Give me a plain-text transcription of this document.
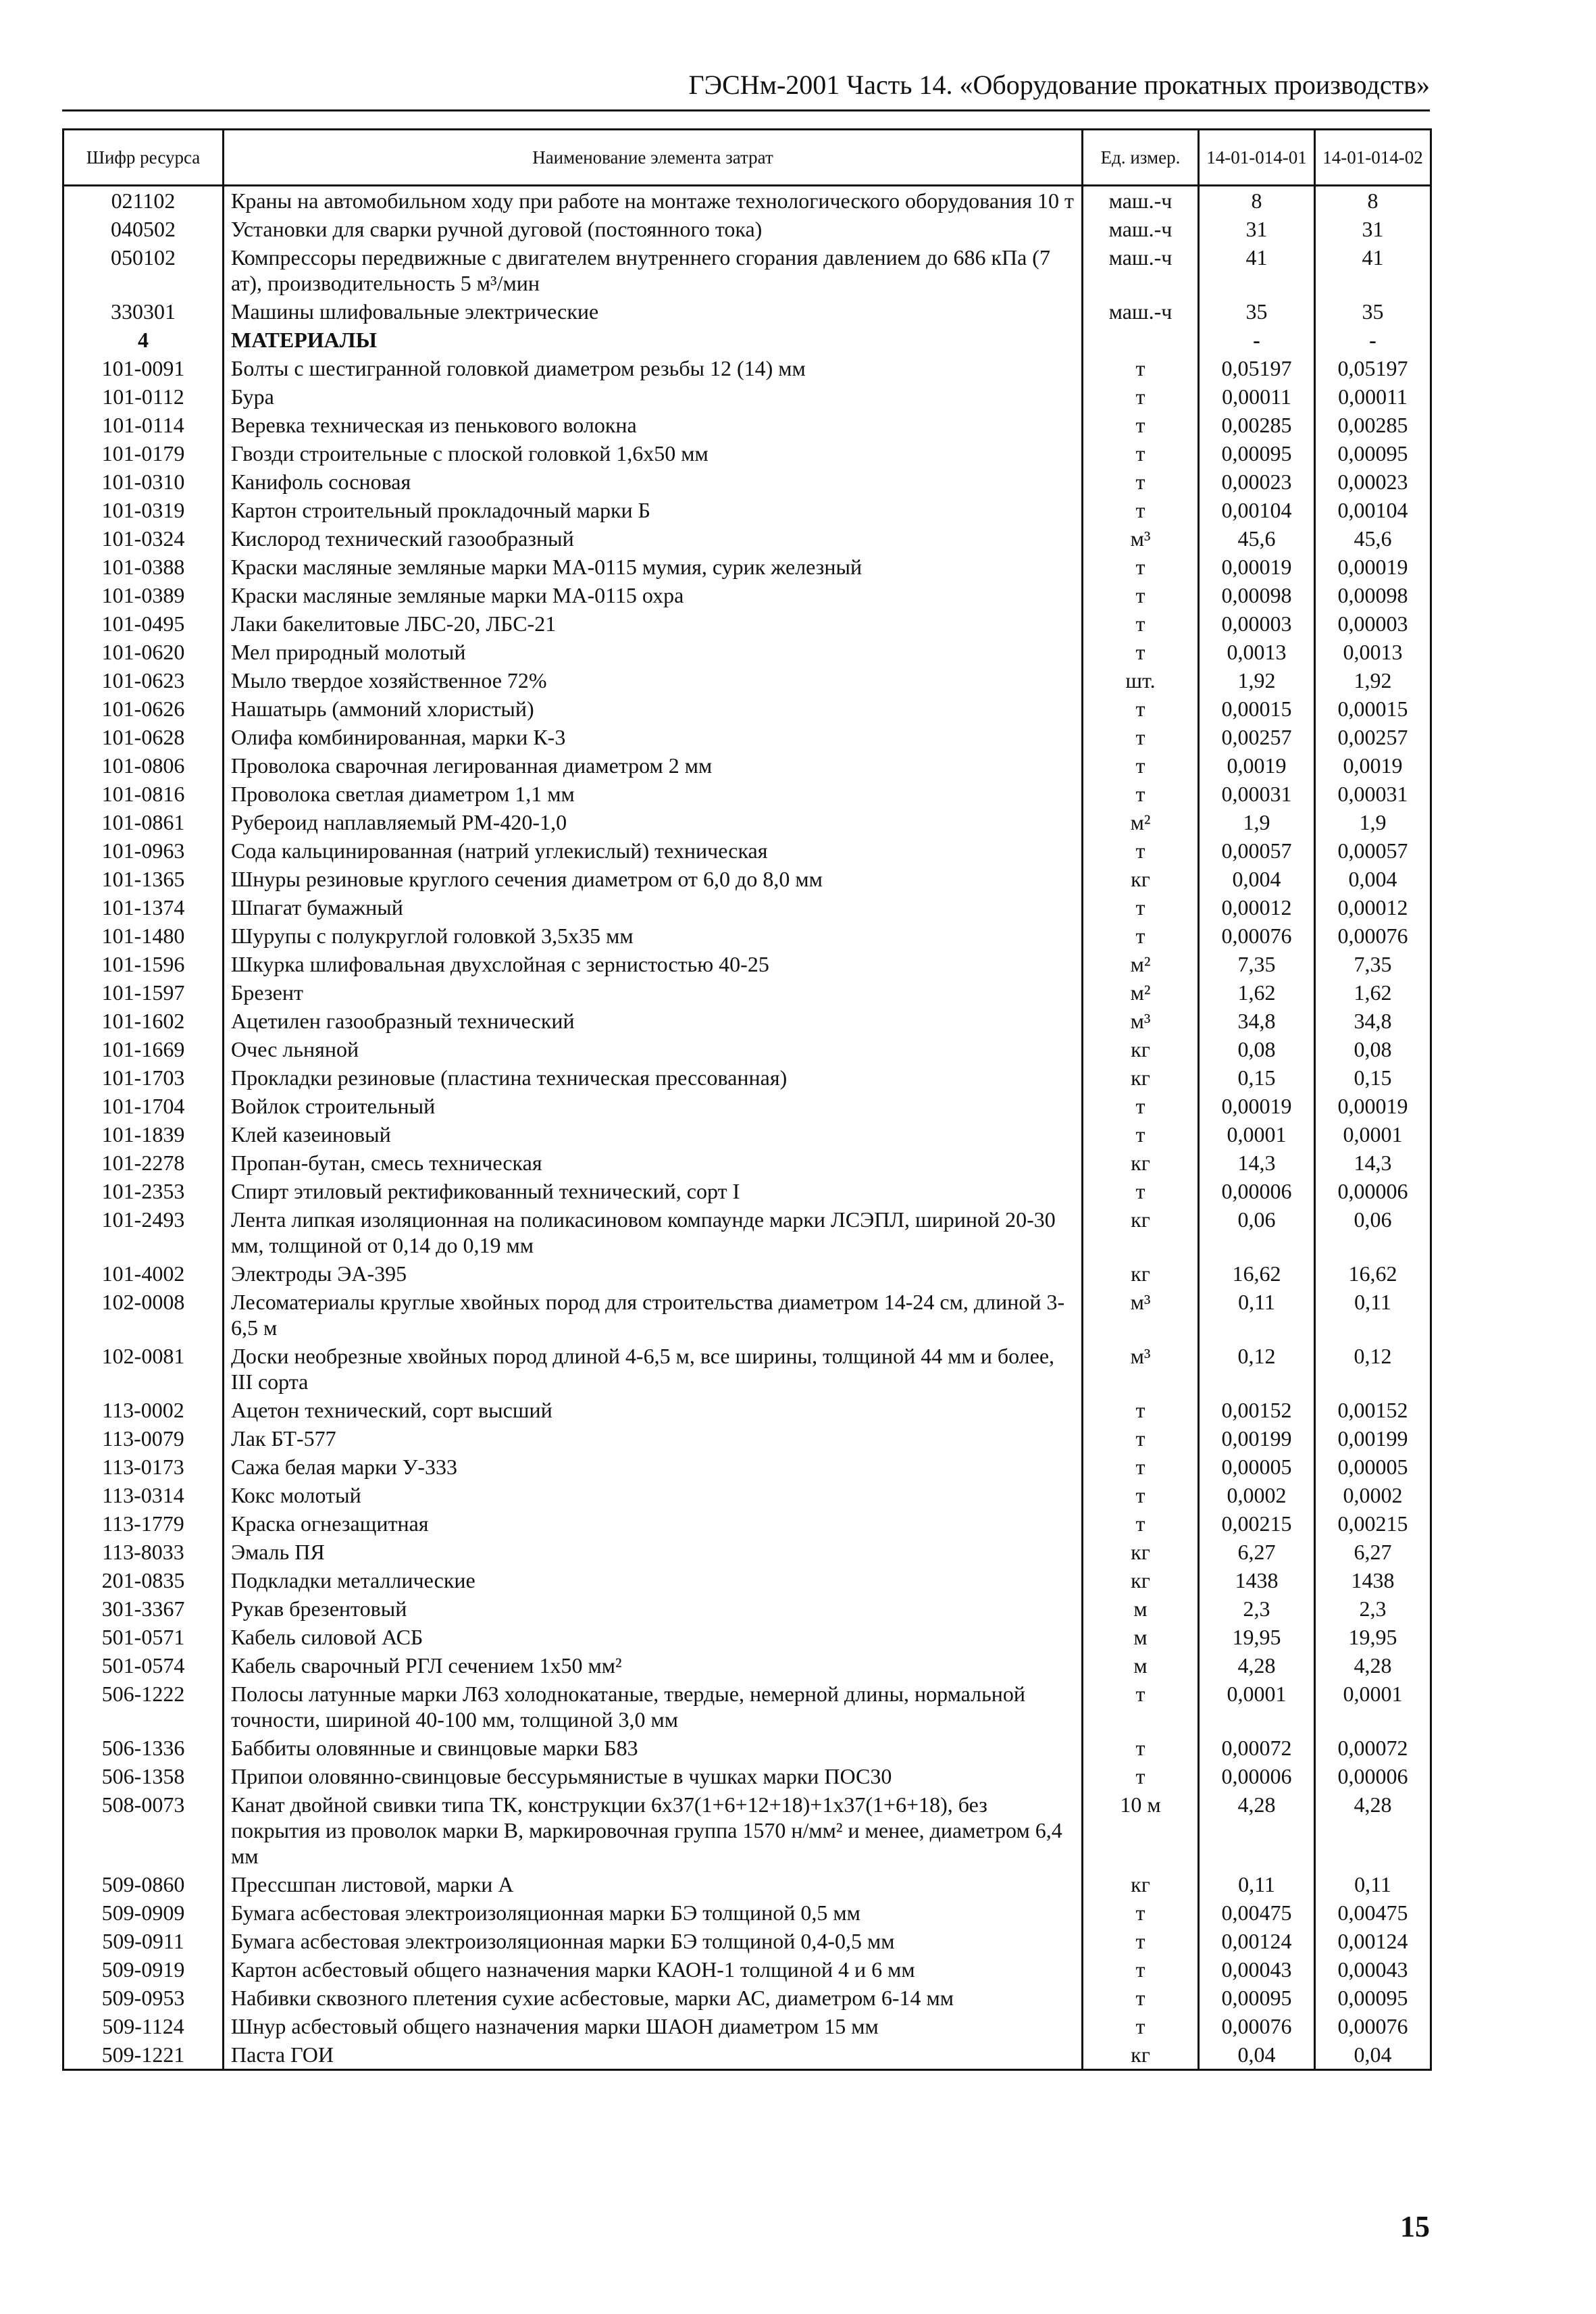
ГЭСНм-2001 Часть 14. «Оборудование прокатных производств»
Шифр ресурса	Наименование элемента затрат	Ед. измер.	14-01-014-01	14-01-014-02
021102	Краны на автомобильном ходу при работе на монтаже технологического оборудования 10 т	маш.-ч	8	8
040502	Установки для сварки ручной дуговой (постоянного тока)	маш.-ч	31	31
050102	Компрессоры передвижные с двигателем внутреннего сгорания давлением до 686 кПа (7 ат), производительность 5 м³/мин	маш.-ч	41	41
330301	Машины шлифовальные электрические	маш.-ч	35	35
4	МАТЕРИАЛЫ		-	-
101-0091	Болты с шестигранной головкой диаметром резьбы 12 (14) мм	т	0,05197	0,05197
101-0112	Бура	т	0,00011	0,00011
101-0114	Веревка техническая из пенькового волокна	т	0,00285	0,00285
101-0179	Гвозди строительные с плоской головкой 1,6х50 мм	т	0,00095	0,00095
101-0310	Канифоль сосновая	т	0,00023	0,00023
101-0319	Картон строительный прокладочный марки Б	т	0,00104	0,00104
101-0324	Кислород технический газообразный	м³	45,6	45,6
101-0388	Краски масляные земляные марки МА-0115 мумия, сурик железный	т	0,00019	0,00019
101-0389	Краски масляные земляные марки МА-0115 охра	т	0,00098	0,00098
101-0495	Лаки бакелитовые ЛБС-20, ЛБС-21	т	0,00003	0,00003
101-0620	Мел природный молотый	т	0,0013	0,0013
101-0623	Мыло твердое хозяйственное 72%	шт.	1,92	1,92
101-0626	Нашатырь (аммоний хлористый)	т	0,00015	0,00015
101-0628	Олифа комбинированная, марки К-3	т	0,00257	0,00257
101-0806	Проволока сварочная легированная диаметром 2 мм	т	0,0019	0,0019
101-0816	Проволока светлая диаметром 1,1 мм	т	0,00031	0,00031
101-0861	Рубероид наплавляемый РМ-420-1,0	м²	1,9	1,9
101-0963	Сода кальцинированная (натрий углекислый) техническая	т	0,00057	0,00057
101-1365	Шнуры резиновые круглого сечения диаметром от 6,0 до 8,0 мм	кг	0,004	0,004
101-1374	Шпагат бумажный	т	0,00012	0,00012
101-1480	Шурупы с полукруглой головкой 3,5х35 мм	т	0,00076	0,00076
101-1596	Шкурка шлифовальная двухслойная с зернистостью 40-25	м²	7,35	7,35
101-1597	Брезент	м²	1,62	1,62
101-1602	Ацетилен газообразный технический	м³	34,8	34,8
101-1669	Очес льняной	кг	0,08	0,08
101-1703	Прокладки резиновые (пластина техническая прессованная)	кг	0,15	0,15
101-1704	Войлок строительный	т	0,00019	0,00019
101-1839	Клей казеиновый	т	0,0001	0,0001
101-2278	Пропан-бутан, смесь техническая	кг	14,3	14,3
101-2353	Спирт этиловый ректификованный технический, сорт I	т	0,00006	0,00006
101-2493	Лента липкая изоляционная на поликасиновом компаунде марки ЛСЭПЛ, шириной 20-30 мм, толщиной от 0,14 до 0,19 мм	кг	0,06	0,06
101-4002	Электроды ЭА-395	кг	16,62	16,62
102-0008	Лесоматериалы круглые хвойных пород для строительства диаметром 14-24 см, длиной 3-6,5 м	м³	0,11	0,11
102-0081	Доски необрезные хвойных пород длиной 4-6,5 м, все ширины, толщиной 44 мм и более, III сорта	м³	0,12	0,12
113-0002	Ацетон технический, сорт высший	т	0,00152	0,00152
113-0079	Лак БТ-577	т	0,00199	0,00199
113-0173	Сажа белая марки У-333	т	0,00005	0,00005
113-0314	Кокс молотый	т	0,0002	0,0002
113-1779	Краска огнезащитная	т	0,00215	0,00215
113-8033	Эмаль ПЯ	кг	6,27	6,27
201-0835	Подкладки металлические	кг	1438	1438
301-3367	Рукав брезентовый	м	2,3	2,3
501-0571	Кабель силовой АСБ	м	19,95	19,95
501-0574	Кабель сварочный РГЛ сечением 1х50 мм²	м	4,28	4,28
506-1222	Полосы латунные марки Л63 холоднокатаные, твердые, немерной длины, нормальной точности, шириной 40-100 мм, толщиной 3,0 мм	т	0,0001	0,0001
506-1336	Баббиты оловянные и свинцовые марки Б83	т	0,00072	0,00072
506-1358	Припои оловянно-свинцовые бессурьмянистые в чушках марки ПОС30	т	0,00006	0,00006
508-0073	Канат двойной свивки типа ТК, конструкции 6х37(1+6+12+18)+1х37(1+6+18), без покрытия из проволок марки В, маркировочная группа 1570 н/мм² и менее, диаметром 6,4 мм	10 м	4,28	4,28
509-0860	Прессшпан листовой, марки А	кг	0,11	0,11
509-0909	Бумага асбестовая электроизоляционная марки БЭ толщиной 0,5 мм	т	0,00475	0,00475
509-0911	Бумага асбестовая электроизоляционная марки БЭ толщиной 0,4-0,5 мм	т	0,00124	0,00124
509-0919	Картон асбестовый общего назначения марки КАОН-1 толщиной 4 и 6 мм	т	0,00043	0,00043
509-0953	Набивки сквозного плетения сухие асбестовые, марки АС, диаметром 6-14 мм	т	0,00095	0,00095
509-1124	Шнур асбестовый общего назначения марки ШАОН диаметром 15 мм	т	0,00076	0,00076
509-1221	Паста ГОИ	кг	0,04	0,04
15
